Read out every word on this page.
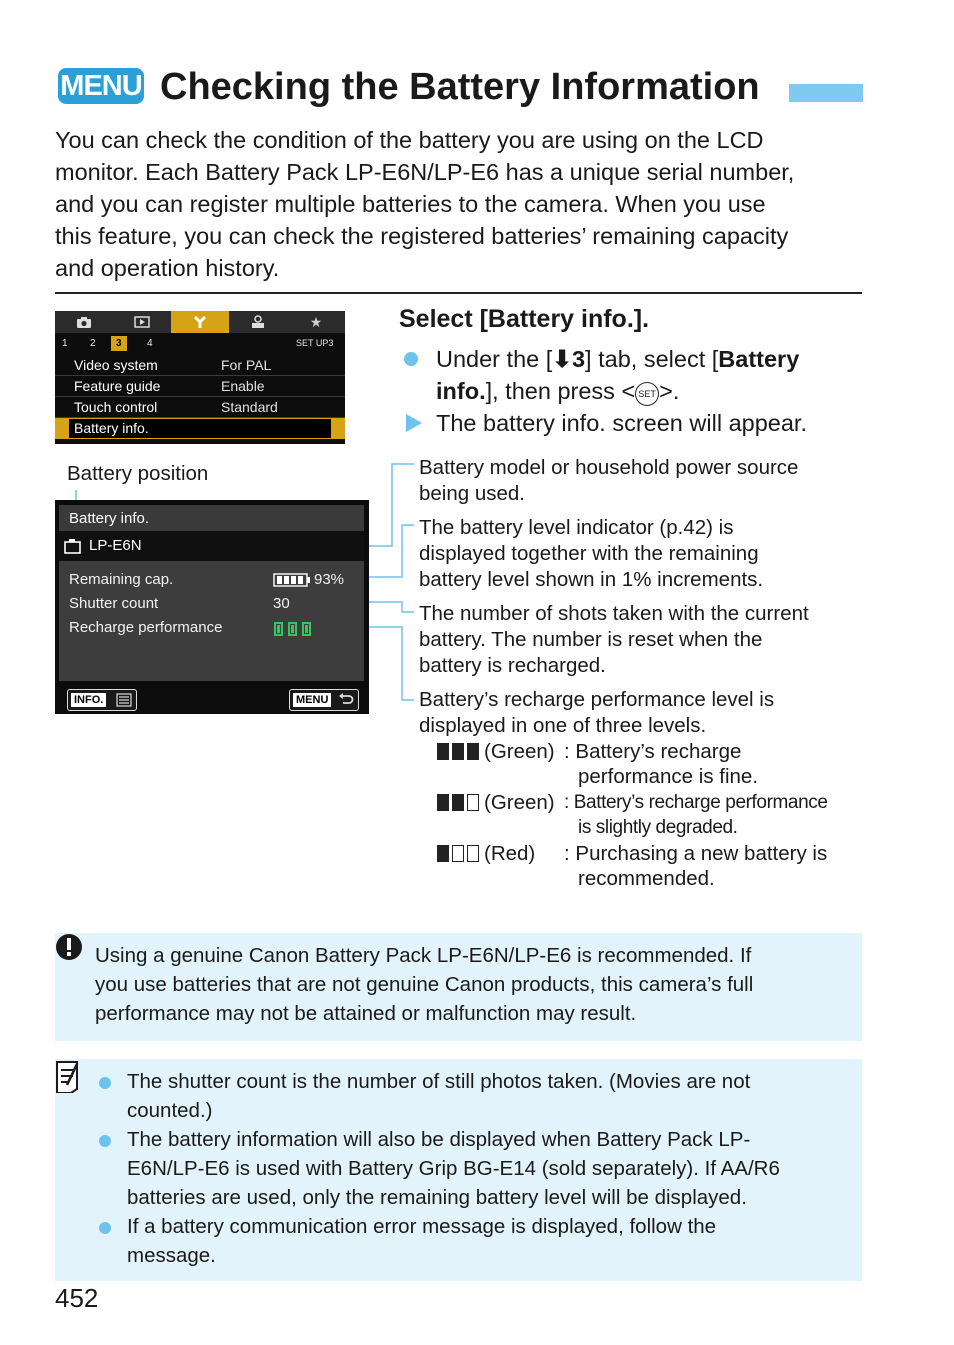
MENU Checking the Battery Information

You can check the condition of the battery you are using on the LCD

monitor. Each Battery Pack LP-E6N/LP-E6 has a unique serial number,

and you can register multiple batteries to the camera. When you use

this feature, you can check the registered batteries’ remaining capacity

and operation history.

★
1 2	3	4	SET UP3
Video system	For PAL
Feature guide	Enable
Touch control	Standard
Battery info.
Select [Battery info.].
Under the [⬇3] tab, select [Battery
info.], then press < SET >.
The battery info. screen will appear.
Battery position
Battery info.
LP-E6N
Remaining cap.	93%
Shutter count	30
Recharge performance
INFO.	MENU

Battery model or household power source

being used.

The battery level indicator (p.42) is

displayed together with the remaining

battery level shown in 1% increments.

The number of shots taken with the current

battery. The number is reset when the

battery is recharged.

Battery’s recharge performance level is

displayed in one of three levels.

(Green) : Battery’s recharge
performance is fine.
(Green) : Battery’s recharge performance
is slightly degraded.
(Red) : Purchasing a new battery is
recommended.

Using a genuine Canon Battery Pack LP-E6N/LP-E6 is recommended. If

you use batteries that are not genuine Canon products, this camera’s full

performance may not be attained or malfunction may result.

The shutter count is the number of still photos taken. (Movies are not

counted.)

The battery information will also be displayed when Battery Pack LP-

E6N/LP-E6 is used with Battery Grip BG-E14 (sold separately). If AA/R6

batteries are used, only the remaining battery level will be displayed.

If a battery communication error message is displayed, follow the

message.

452
